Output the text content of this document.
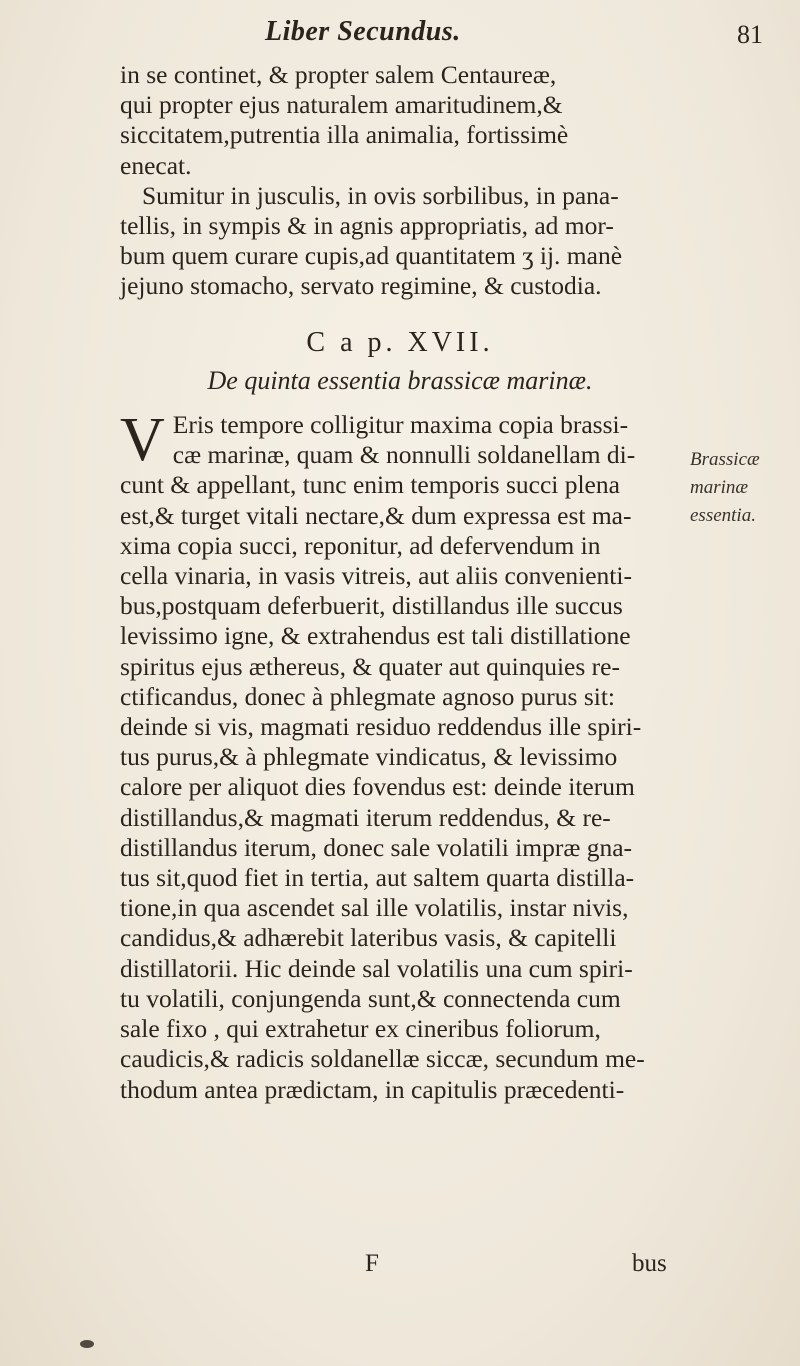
Liber Secundus.	81

in se continet, & propter salem Centaureæ,
qui propter ejus naturalem amaritudinem,&
siccitatem,putrentia illa animalia, fortissimè
enecat.

Sumitur in jusculis, in ovis sorbilibus, in pana-
tellis, in sympis & in agnis appropriatis, ad mor-
bum quem curare cupis,ad quantitatem ʒ ij. manè
jejuno stomacho, servato regimine, & custodia.

C a p. XVII.
De quinta essentia brassicæ marinæ.

V Eris tempore colligitur maxima copia brassi-
cæ marinæ, quam & nonnulli soldanellam di-
cunt & appellant, tunc enim temporis succi plena
est,& turget vitali nectare,& dum expressa est ma-
xima copia succi, reponitur, ad defervendum in
cella vinaria, in vasis vitreis, aut aliis convenienti-
bus,postquam deferbuerit, distillandus ille succus
levissimo igne, & extrahendus est tali distillatione
spiritus ejus æthereus, & quater aut quinquies re-
ctificandus, donec à phlegmate agnoso purus sit:
deinde si vis, magmati residuo reddendus ille spiri-
tus purus,& à phlegmate vindicatus, & levissimo
calore per aliquot dies fovendus est: deinde iterum
distillandus,& magmati iterum reddendus, & re-
distillandus iterum, donec sale volatili impræ gna-
tus sit,quod fiet in tertia, aut saltem quarta distilla-
tione,in qua ascendet sal ille volatilis, instar nivis,
candidus,& adhærebit lateribus vasis, & capitelli
distillatorii. Hic deinde sal volatilis una cum spiri-
tu volatili, conjungenda sunt,& connectenda cum
sale fixo , qui extrahetur ex cineribus foliorum,
caudicis,& radicis soldanellæ siccæ, secundum me-
thodum antea prædictam, in capitulis præcedenti-

Brassicæ
marinæ
essentia.
F	bus
